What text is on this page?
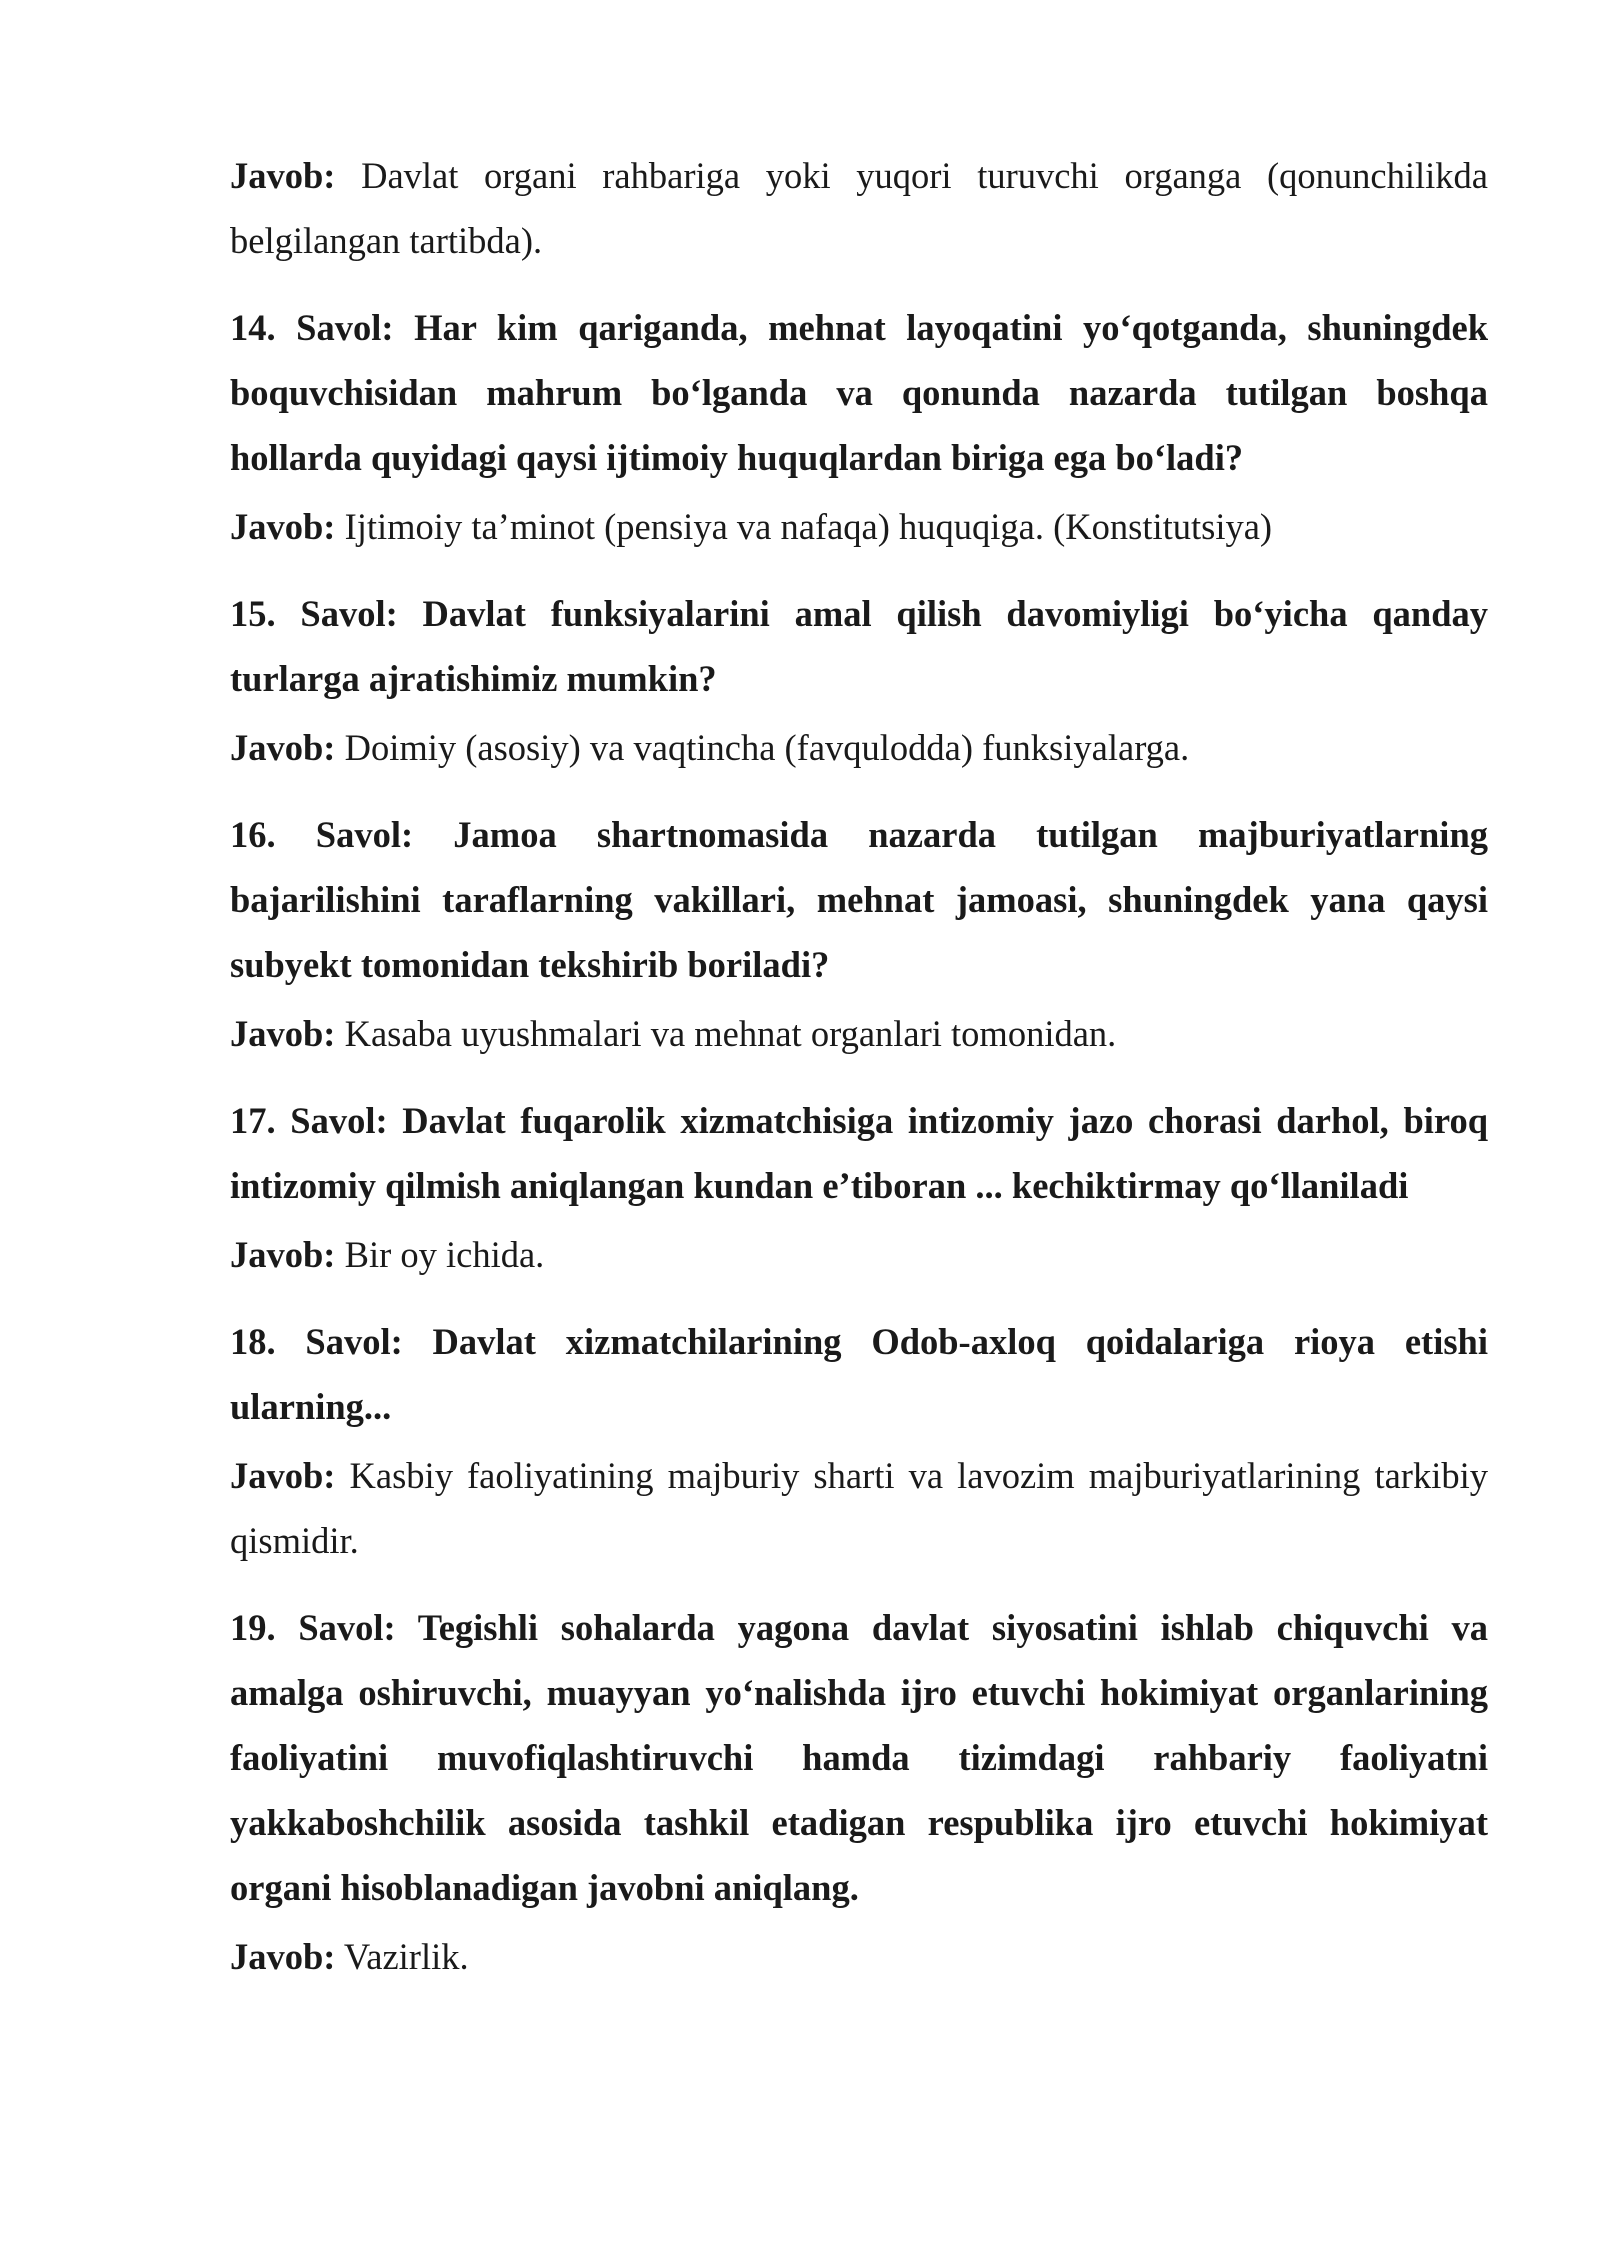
Javob: Davlat organi rahbariga yoki yuqori turuvchi organga (qonunchilikda belgilangan tartibda).

14. Savol: Har kim qariganda, mehnat layoqatini yo‘qotganda, shuningdek boquvchisidan mahrum bo‘lganda va qonunda nazarda tutilgan boshqa hollarda quyidagi qaysi ijtimoiy huquqlardan biriga ega bo‘ladi?

Javob: Ijtimoiy ta’minot (pensiya va nafaqa) huquqiga. (Konstitutsiya)

15. Savol: Davlat funksiyalarini amal qilish davomiyligi bo‘yicha qanday turlarga ajratishimiz mumkin?

Javob: Doimiy (asosiy) va vaqtincha (favqulodda) funksiyalarga.

16. Savol: Jamoa shartnomasida nazarda tutilgan majburiyatlarning bajarilishini taraflarning vakillari, mehnat jamoasi, shuningdek yana qaysi subyekt tomonidan tekshirib boriladi?

Javob: Kasaba uyushmalari va mehnat organlari tomonidan.

17. Savol: Davlat fuqarolik xizmatchisiga intizomiy jazo chorasi darhol, biroq intizomiy qilmish aniqlangan kundan e’tiboran ... kechiktirmay qo‘llaniladi

Javob: Bir oy ichida.

18. Savol: Davlat xizmatchilarining Odob-axloq qoidalariga rioya etishi ularning...

Javob: Kasbiy faoliyatining majburiy sharti va lavozim majburiyatlarining tarkibiy qismidir.

19. Savol: Tegishli sohalarda yagona davlat siyosatini ishlab chiquvchi va amalga oshiruvchi, muayyan yo‘nalishda ijro etuvchi hokimiyat organlarining faoliyatini muvofiqlashtiruvchi hamda tizimdagi rahbariy faoliyatni yakkaboshchilik asosida tashkil etadigan respublika ijro etuvchi hokimiyat organi hisoblanadigan javobni aniqlang.

Javob: Vazirlik.
